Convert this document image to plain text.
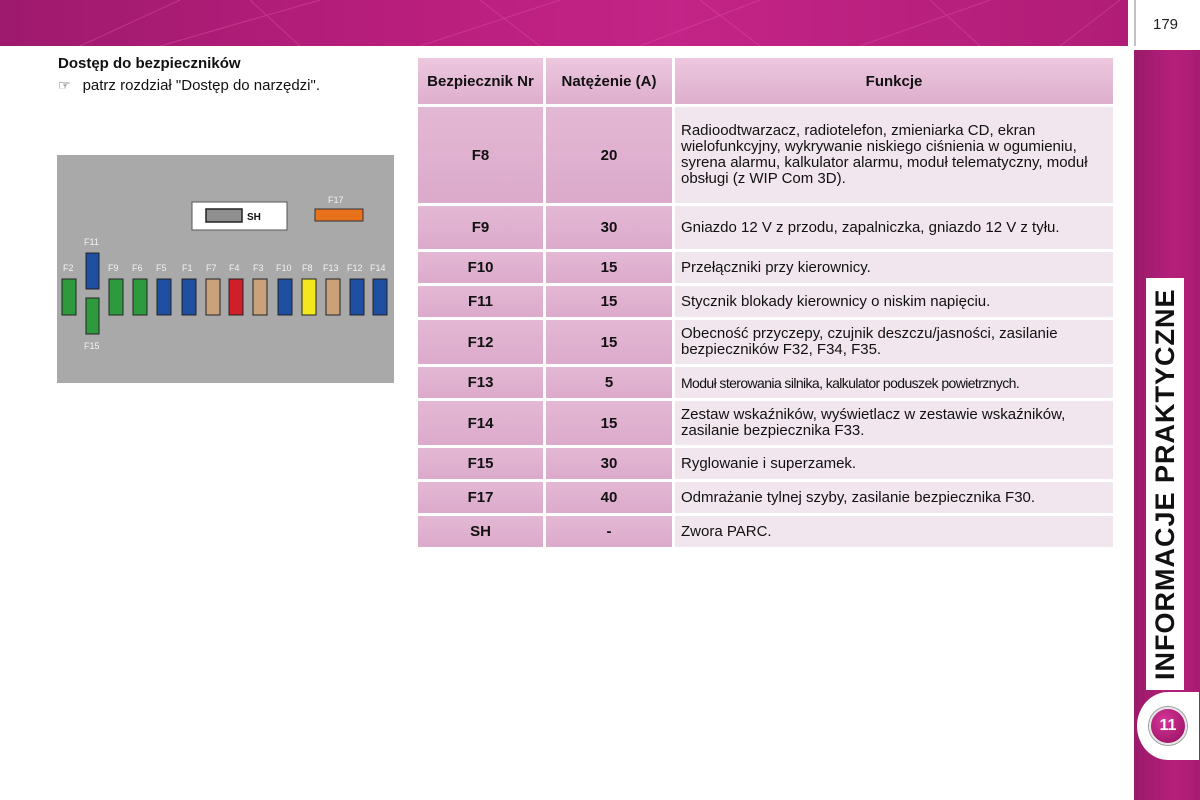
179
INFORMACJE PRAKTYCZNE
11
Dostęp do bezpieczników
☞ patrz rozdział "Dostęp do narzędzi".
SH
F17
F11
F15
F2	F9 F6 F5 F1 F7 F4 F3 F10 F8 F13 F12 F14
Bezpiecznik Nr	Natężenie (A)	Funkcje
F8	20	Radioodtwarzacz, radiotelefon, zmieniarka CD, ekran wielofunkcyjny, wykrywanie niskiego ciśnienia w ogumieniu, syrena alarmu, kalkulator alarmu, moduł telematyczny, moduł obsługi (z WIP Com 3D).
F9	30	Gniazdo 12 V z przodu, zapalniczka, gniazdo 12 V z tyłu.
F10	15	Przełączniki przy kierownicy.
F11	15	Stycznik blokady kierownicy o niskim napięciu.
F12	15	Obecność przyczepy, czujnik deszczu/jasności, zasilanie bezpieczników F32, F34, F35.
F13	5	Moduł sterowania silnika, kalkulator poduszek powietrznych.
F14	15	Zestaw wskaźników, wyświetlacz w zestawie wskaźników, zasilanie bezpiecznika F33.
F15	30	Ryglowanie i superzamek.
F17	40	Odmrażanie tylnej szyby, zasilanie bezpiecznika F30.
SH	-	Zwora PARC.
